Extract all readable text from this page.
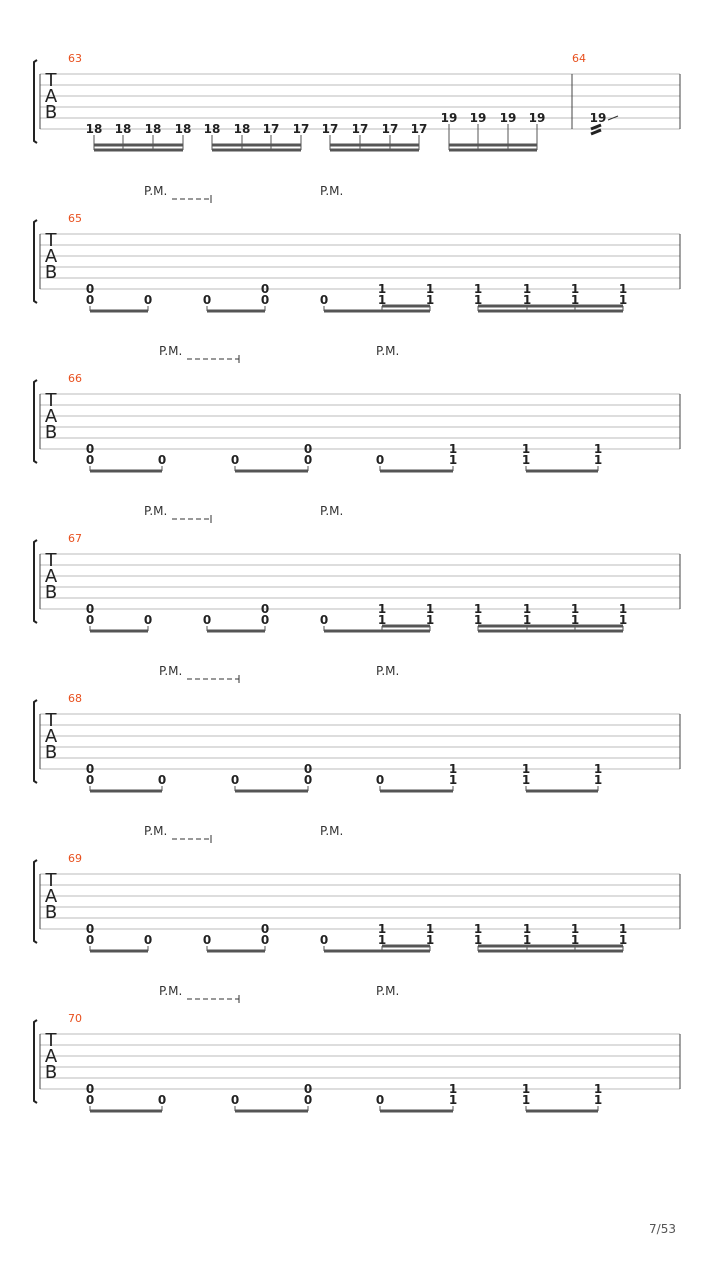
T
A
B
63	64
18 18 18 18 18 18 17 17 17 17 17 17
19 19 19 19	19
T
A
B
65
P.M.	P.M.
0
0	0	0
0
0	0
1
1
1
1
1
1
1
1
1
1
1
1
T
A
B
66
P.M.	P.M.
0
0	0	0
0
0	0
1
1
1
1
1
1
T
A
B
67
P.M.	P.M.
0
0	0	0
0
0	0
1
1
1
1
1
1
1
1
1
1
1
1
T
A
B
68
P.M.	P.M.
0
0	0	0
0
0	0
1
1
1
1
1
1
T
A
B
69
P.M.	P.M.
0
0	0	0
0
0	0
1
1
1
1
1
1
1
1
1
1
1
1
T
A
B
70
P.M.	P.M.
0
0	0	0
0
0	0
1
1
1
1
1
1
7/53
